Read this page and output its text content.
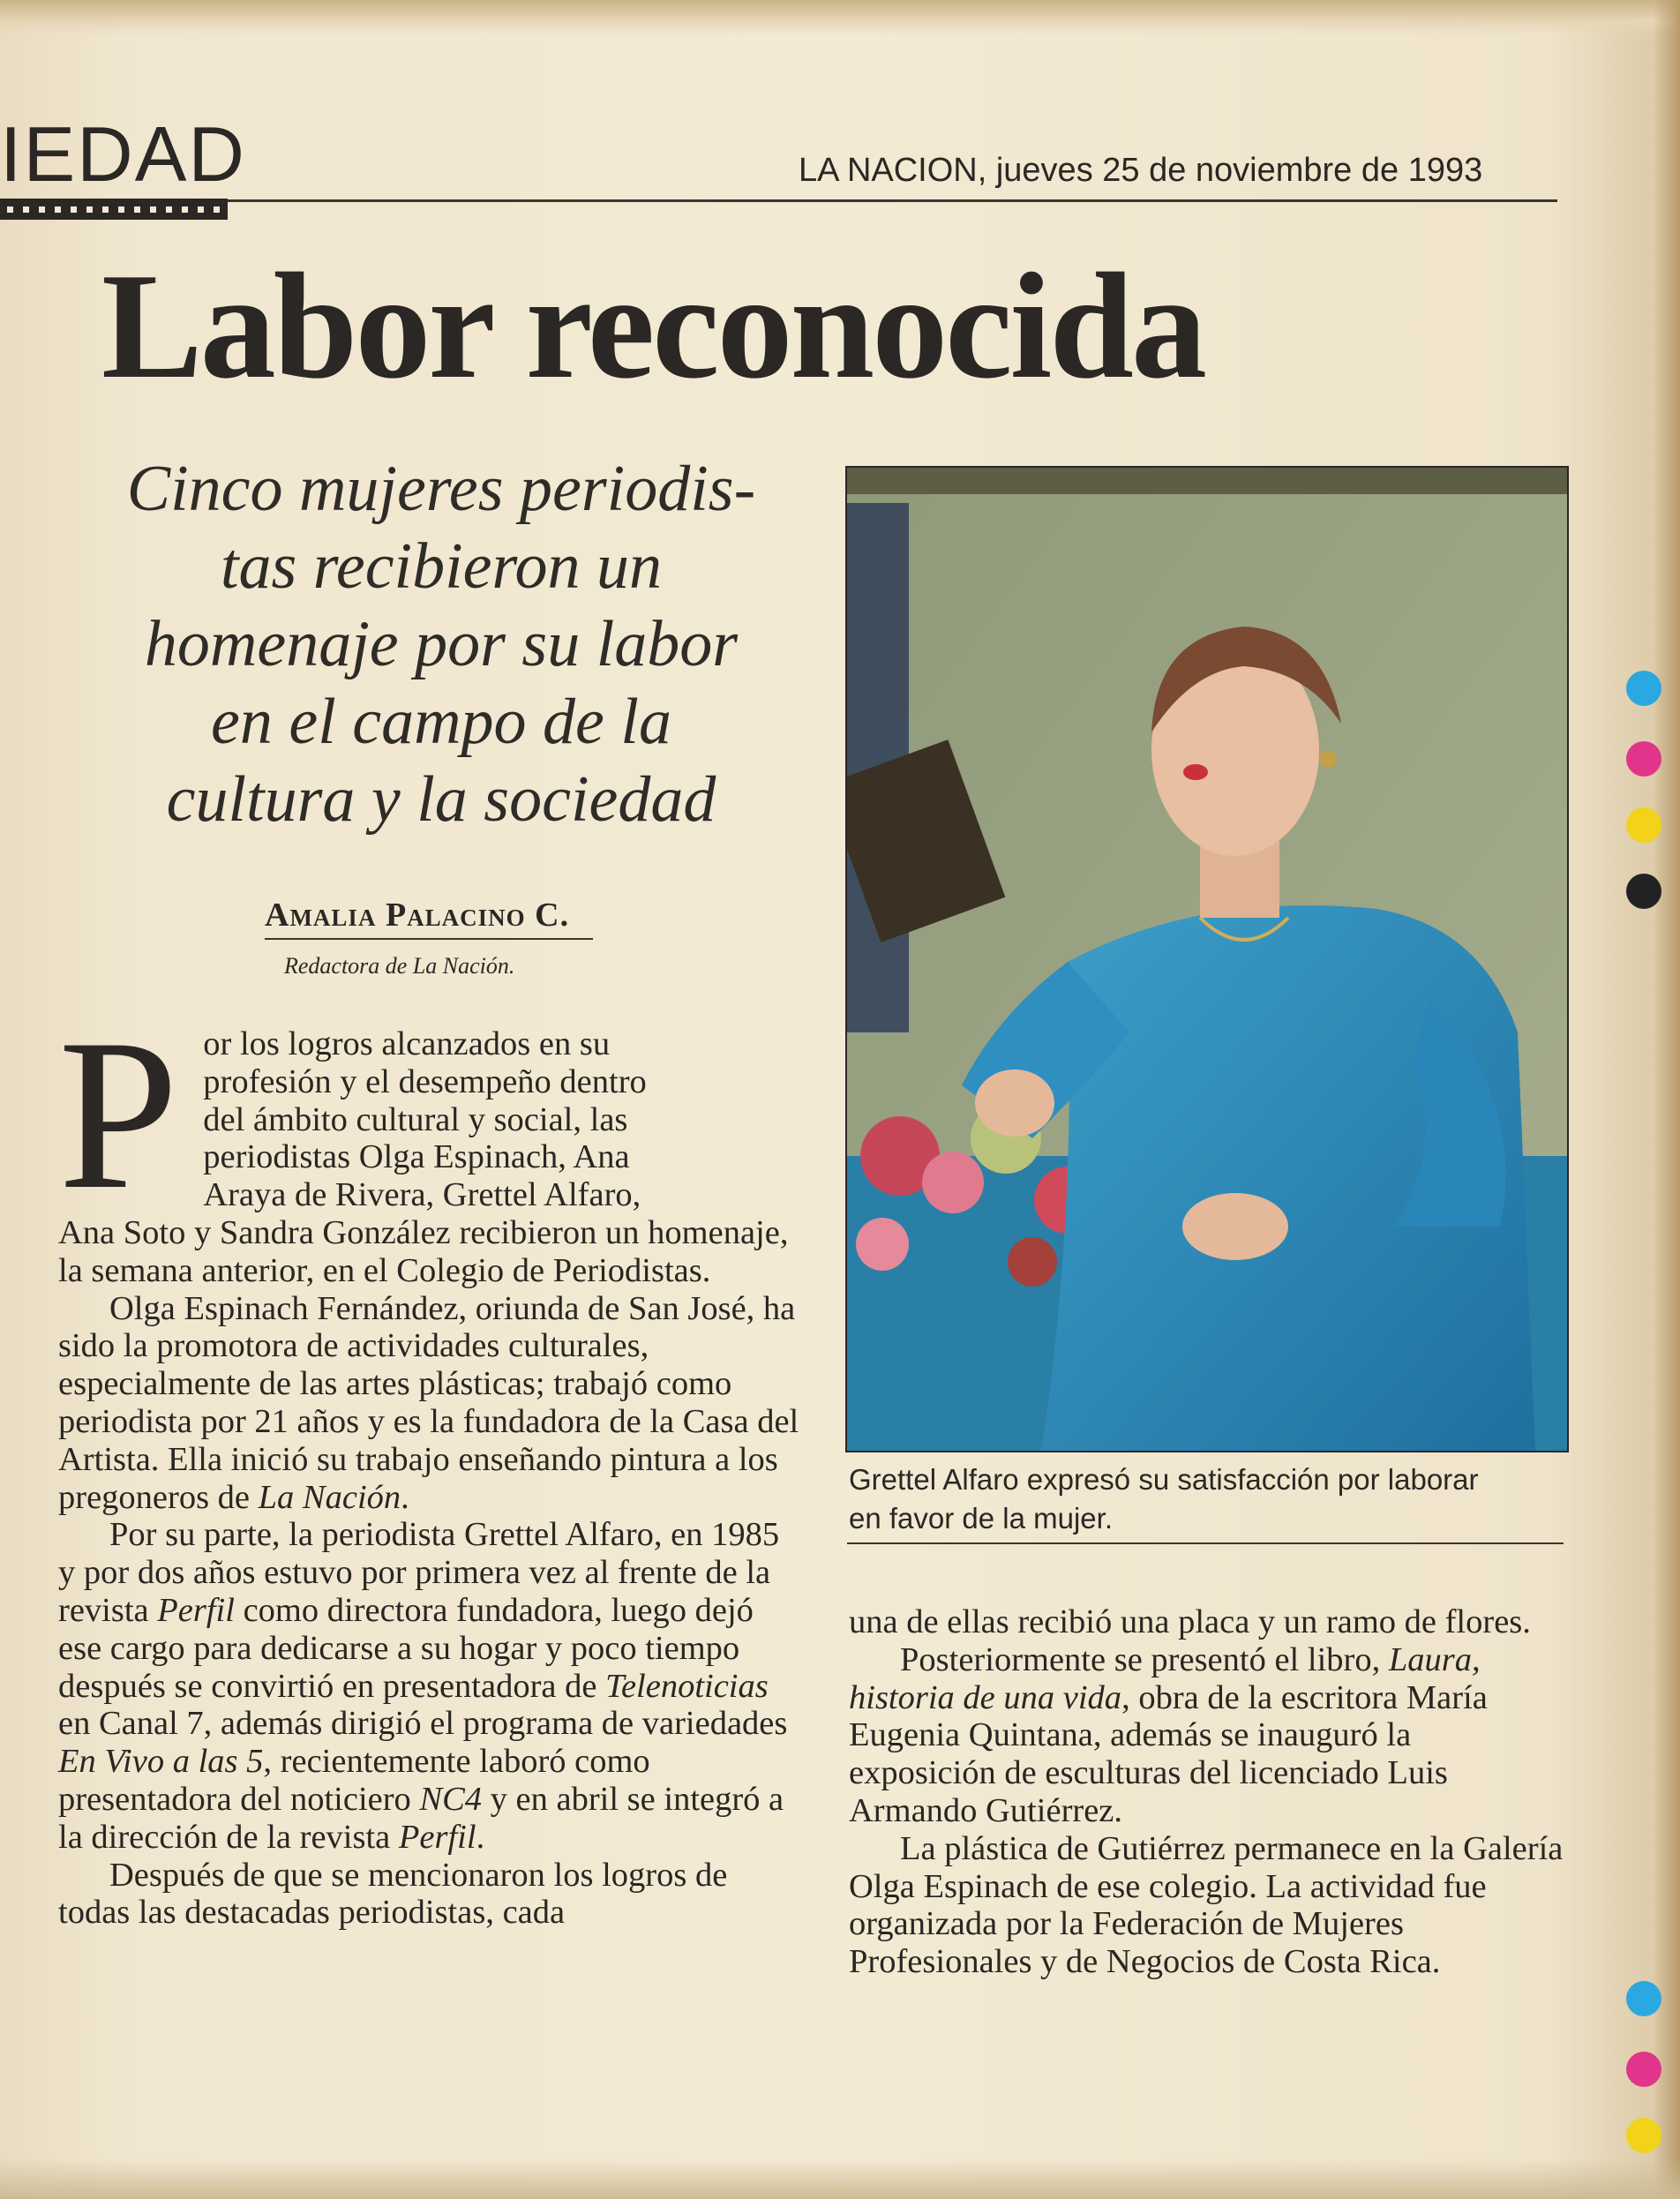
IEDAD	LA NACION, jueves 25 de noviembre de 1993
Labor reconocida
Cinco mujeres periodis-
tas recibieron un
homenaje por su labor
en el campo de la
cultura y la sociedad
Amalia Palacino C.
Redactora de La Nación.
Grettel Alfaro expresó su satisfacción por laborar
en favor de la mujer.
P or los logros alcanzados en su
profesión y el desempeño dentro
del ámbito cultural y social, las
periodistas Olga Espinach, Ana
Araya de Rivera, Grettel Alfaro,

Ana Soto y Sandra González recibieron un homenaje, la semana anterior, en el Colegio de Periodistas.

Olga Espinach Fernández, oriunda de San José, ha sido la promotora de actividades culturales, especialmente de las artes plásticas; trabajó como periodista por 21 años y es la fundadora de la Casa del Artista. Ella inició su trabajo enseñando pintura a los pregoneros de La Nación.

Por su parte, la periodista Grettel Alfaro, en 1985 y por dos años estuvo por primera vez al frente de la revista Perfil como directora fundadora, luego dejó ese cargo para dedicarse a su hogar y poco tiempo después se convirtió en presentadora de Telenoticias en Canal 7, además dirigió el programa de variedades En Vivo a las 5, recientemente laboró como presentadora del noticiero NC4 y en abril se integró a la dirección de la revista Perfil.

Después de que se mencionaron los logros de todas las destacadas periodistas, cada

una de ellas recibió una placa y un ramo de flores.

Posteriormente se presentó el libro, Laura, historia de una vida, obra de la escritora María Eugenia Quintana, además se inauguró la exposición de esculturas del licenciado Luis Armando Gutiérrez.

La plástica de Gutiérrez permanece en la Galería Olga Espinach de ese colegio. La actividad fue organizada por la Federación de Mujeres Profesionales y de Negocios de Costa Rica.
